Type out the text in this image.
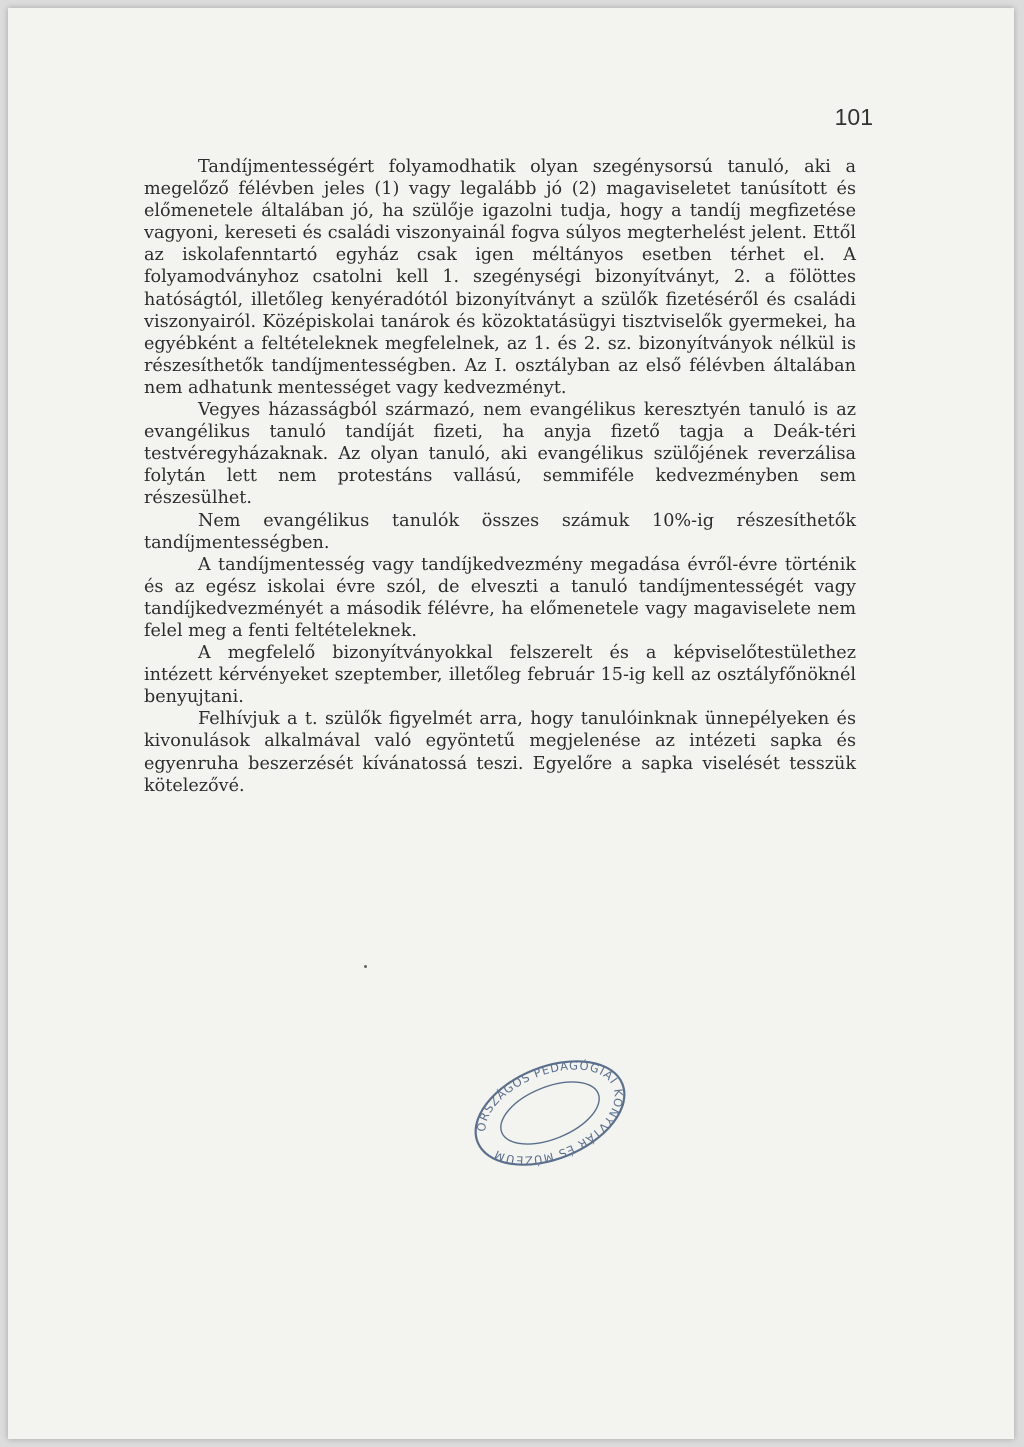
101

Tandíjmentességért folyamodhatik olyan szegénysorsú tanuló, aki a megelőző félévben jeles (1) vagy legalább jó (2) magaviseletet tanúsított és előmenetele általában jó, ha szülője igazolni tudja, hogy a tandíj megfizetése vagyoni, kereseti és családi viszonyainál fogva súlyos megterhelést jelent. Ettől az iskolafenntartó egyház csak igen méltányos esetben térhet el. A folyamodványhoz csatolni kell 1. szegénységi bizonyítványt, 2. a fölöttes hatóságtól, illetőleg kenyéradótól bizonyítványt a szülők fizetéséről és családi viszonyairól. Középiskolai tanárok és közoktatásügyi tisztviselők gyermekei, ha egyébként a feltételeknek megfelelnek, az 1. és 2. sz. bizonyítványok nélkül is részesíthetők tandíjmentességben. Az I. osztályban az első félévben általában nem adhatunk mentességet vagy kedvezményt.

Vegyes házasságból származó, nem evangélikus keresztyén tanuló is az evangélikus tanuló tandíját fizeti, ha anyja fizető tagja a Deák-téri testvéregyházaknak. Az olyan tanuló, aki evangélikus szülőjének reverzálisa folytán lett nem protestáns vallású, semmiféle kedvezményben sem részesülhet.

Nem evangélikus tanulók összes számuk 10%-ig részesíthetők tandíjmentességben.

A tandíjmentesség vagy tandíjkedvezmény megadása évről-évre történik és az egész iskolai évre szól, de elveszti a tanuló tandíjmentességét vagy tandíjkedvezményét a második félévre, ha előmenetele vagy magaviselete nem felel meg a fenti feltételeknek.

A megfelelő bizonyítványokkal felszerelt és a képviselőtestülethez intézett kérvényeket szeptember, illetőleg február 15-ig kell az osztályfőnöknél benyujtani.

Felhívjuk a t. szülők figyelmét arra, hogy tanulóinknak ünnepélyeken és kivonulások alkalmával való egyöntetű megjelenése az intézeti sapka és egyenruha beszerzését kívánatossá teszi. Egyelőre a sapka viselését tesszük kötelezővé.

ORSZÁGOS PEDAGÓGIAI KÖNYVTÁR ÉS MÚZEUM
